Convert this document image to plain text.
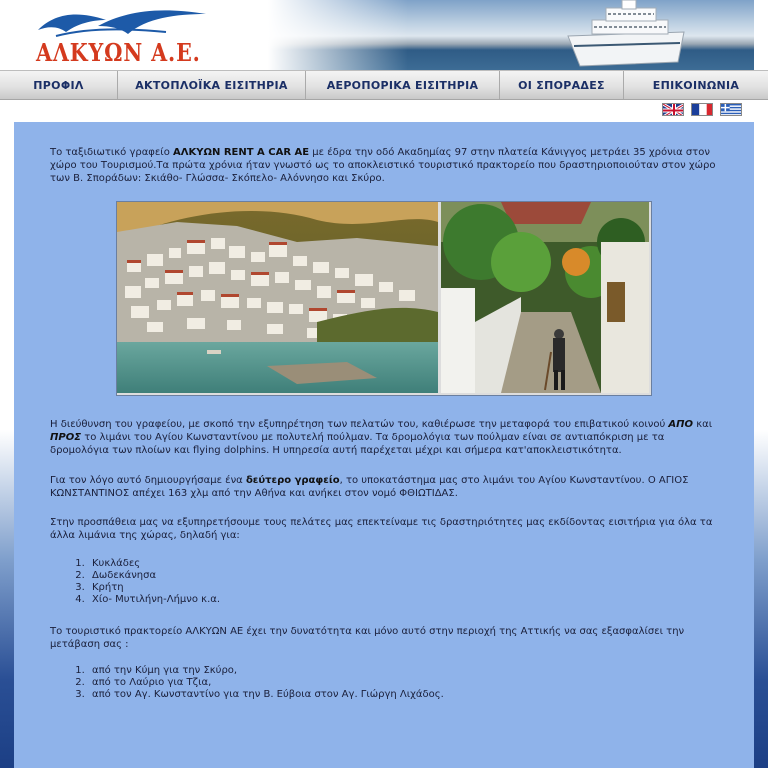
ΑΛΚΥΩΝ Α.Ε.
ΠΡΟΦΙΛ	ΑΚΤΟΠΛΟΪΚΑ ΕΙΣΙΤΗΡΙΑ	ΑΕΡΟΠΟΡΙΚΑ ΕΙΣΙΤΗΡΙΑ	ΟΙ ΣΠΟΡΑΔΕΣ	ΕΠΙΚΟΙΝΩΝΙΑ

Το ταξιδιωτικό γραφείο ΑΛΚΥΩΝ RENT A CAR AE με έδρα την οδό Ακαδημίας 97 στην πλατεία Κάνιγγος μετράει 35 χρόνια στον χώρο του Τουρισμού.Τα πρώτα χρόνια ήταν γνωστό ως το αποκλειστικό τουριστικό πρακτορείο που δραστηριοποιούταν στον χώρο των Β. Σποράδων: Σκιάθο- Γλώσσα- Σκόπελο- Αλόννησο και Σκύρο.

Η διεύθυνση του γραφείου, με σκοπό την εξυπηρέτηση των πελατών του, καθιέρωσε την μεταφορά του επιβατικού κοινού ΑΠΟ και ΠΡΟΣ το λιμάνι του Αγίου Κωνσταντίνου με πολυτελή πούλμαν. Τα δρομολόγια των πούλμαν είναι σε αντιαπόκριση με τα δρομολόγια των πλοίων και flying dolphins. Η υπηρεσία αυτή παρέχεται μέχρι και σήμερα κατ'αποκλειστικότητα.

Για τον λόγο αυτό δημιουργήσαμε ένα δεύτερο γραφείο, το υποκατάστημα μας στο λιμάνι του Αγίου Κωνσταντίνου. Ο ΑΓΙΟΣ ΚΩΝΣΤΑΝΤΙΝΟΣ απέχει 163 χλμ από την Αθήνα και ανήκει στον νομό ΦΘΙΩΤΙΔΑΣ.

Στην προσπάθεια μας να εξυπηρετήσουμε τους πελάτες μας επεκτείναμε τις δραστηριότητες μας εκδίδοντας εισιτήρια για όλα τα άλλα λιμάνια της χώρας, δηλαδή για:

1. Κυκλάδες
2. Δωδεκάνησα
3. Κρήτη
4. Χίο- Μυτιλήνη-Λήμνο κ.α.

Το τουριστικό πρακτορείο ΑΛΚΥΩΝ ΑΕ έχει την δυνατότητα και μόνο αυτό στην περιοχή της Αττικής να σας εξασφαλίσει την μετάβαση σας :

1. από την Κύμη για την Σκύρο,
2. από το Λαύριο για Τζια,
3. από τον Αγ. Κωνσταντίνο για την Β. Εύβοια στον Αγ. Γιώργη Λιχάδος.
